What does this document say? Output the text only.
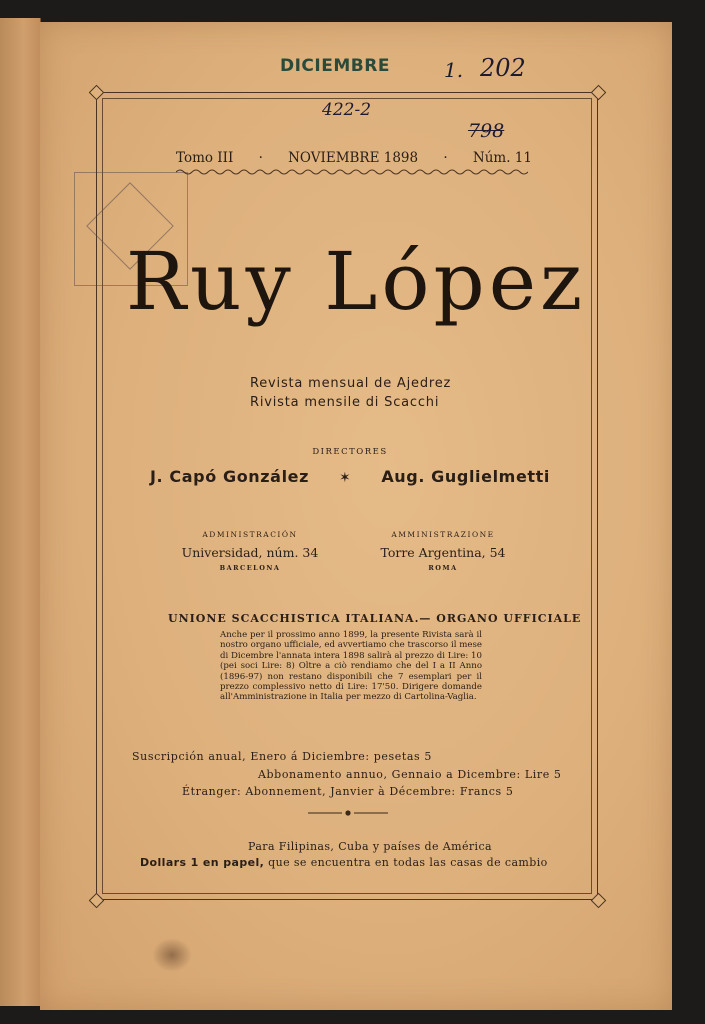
DICIEMBRE	1. 202
422-2
798
Tomo III · NOVIEMBRE 1898 · Núm. 11
Ruy López
Revista mensual de Ajedrez
Rivista mensile di Scacchi
DIRECTORES
J. Capó González ✶ Aug. Guglielmetti
ADMINISTRACIÓN
Universidad, núm. 34
BARCELONA
AMMINISTRAZIONE
Torre Argentina, 54
ROMA
UNIONE SCACCHISTICA ITALIANA.— ORGANO UFFICIALE
Anche per il prossimo anno 1899, la presente Rivista sarà il nostro organo ufficiale, ed avvertiamo che trascorso il mese di Dicembre l'annata intera 1898 salirà al prezzo di Lire: 10 (pei soci Lire: 8) Oltre a ciò rendiamo che del I a II Anno (1896-97) non restano disponibili che 7 esemplari per il prezzo complessivo netto di Lire: 17'50. Dirigere domande all'Amministrazione in Italia per mezzo di Cartolina-Vaglia.
Suscripción anual, Enero á Diciembre: pesetas 5
Abbonamento annuo, Gennaio a Dicembre: Lire 5
Étranger: Abonnement, Janvier à Décembre: Francs 5
Para Filipinas, Cuba y países de América
Dollars 1 en papel, que se encuentra en todas las casas de cambio
